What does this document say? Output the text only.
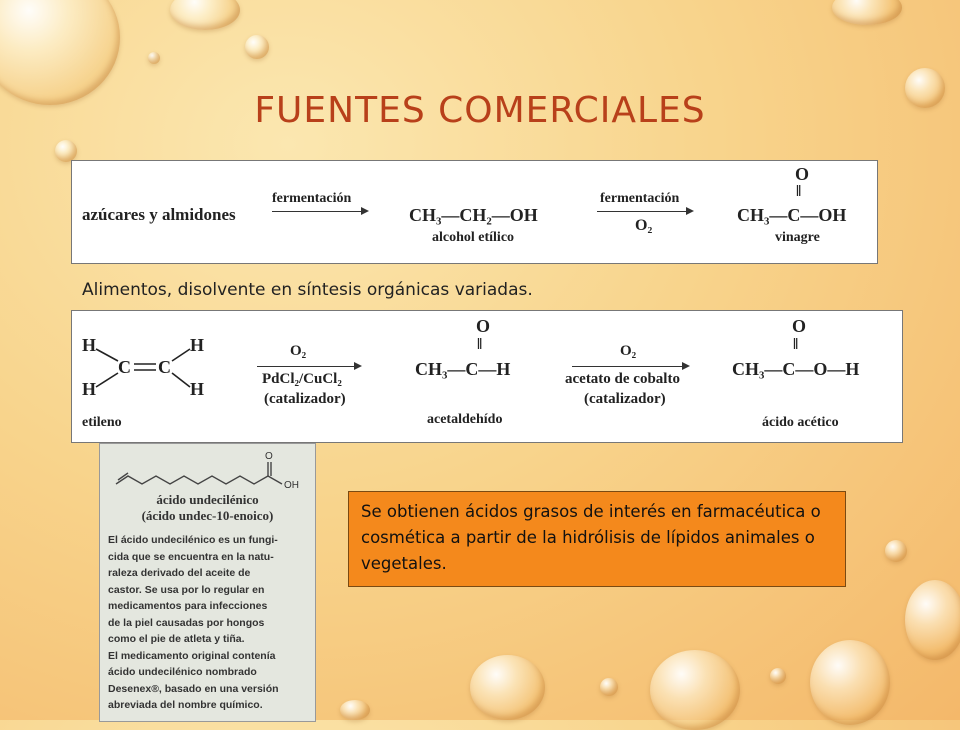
FUENTES COMERCIALES
azúcares y almidones
fermentación
CH₃—CH₂—OH
alcohol etílico
fermentación
O₂
O
‖
CH₃—C—OH
vinagre
Alimentos, disolvente en síntesis orgánicas variadas.
H
H
H
H
C C
etileno
O₂
PdCl₂/CuCl₂
(catalizador)
O
‖
CH₃—C—H
acetaldehído
O₂
acetato de cobalto
(catalizador)
O
‖
CH₃—C—O—H
ácido acético
O
OH
ácido undecilénico
(ácido undec-10-enoico)

El ácido undecilénico es un fungi-

cida que se encuentra en la natu-

raleza derivado del aceite de

castor. Se usa por lo regular en

medicamentos para infecciones

de la piel causadas por hongos

como el pie de atleta y tiña.

El medicamento original contenía

ácido undecilénico nombrado

Desenex®, basado en una versión

abreviada del nombre químico.

Se obtienen ácidos grasos de interés en farmacéutica o cosmética a partir de la hidrólisis de lípidos animales o vegetales.
